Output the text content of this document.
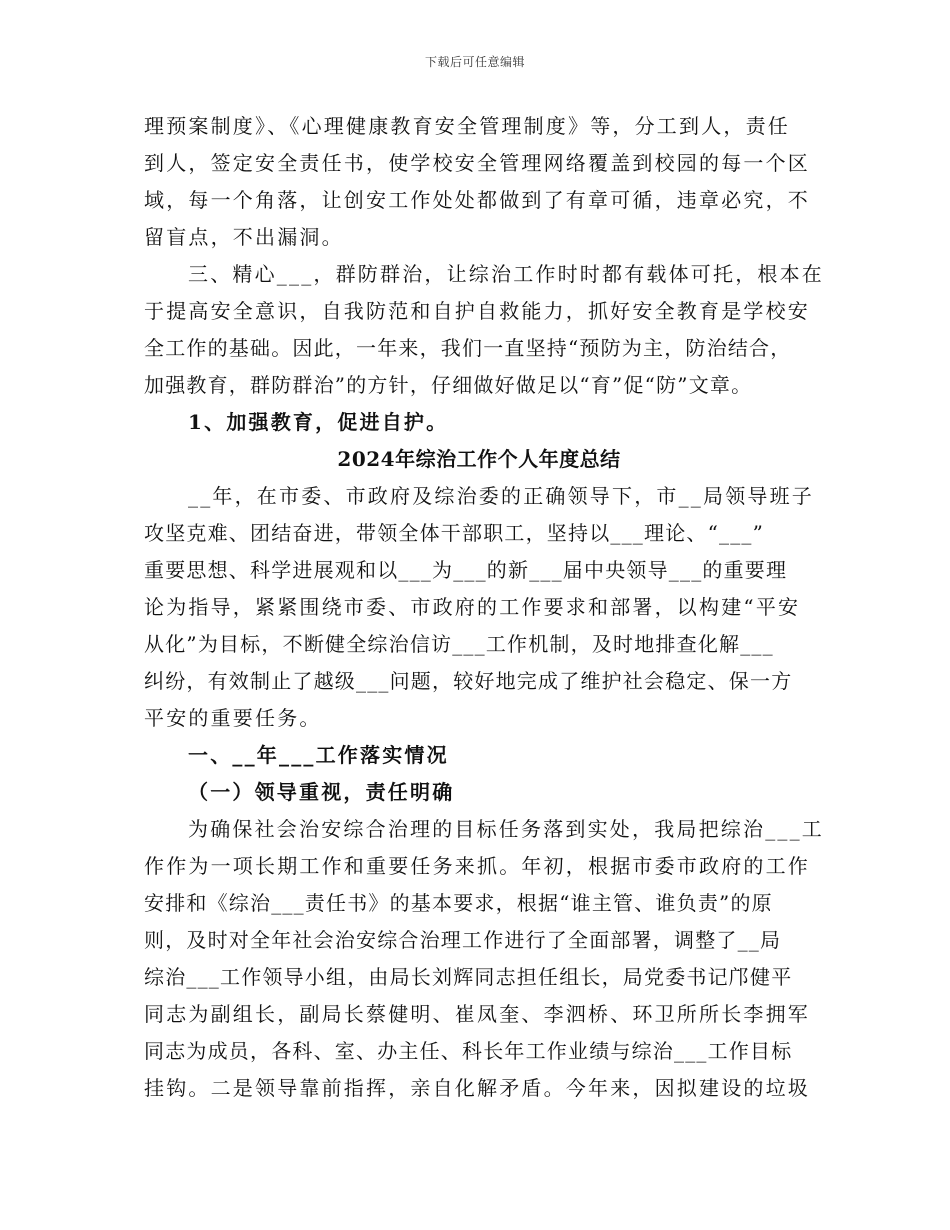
下载后可任意编辑
理预案制度》、《心理健康教育安全管理制度》等，分工到人，责任
到人，签定安全责任书，使学校安全管理网络覆盖到校园的每一个区
域，每一个角落，让创安工作处处都做到了有章可循，违章必究，不
留盲点，不出漏洞。
三、精心___，群防群治，让综治工作时时都有载体可托，根本在
于提高安全意识，自我防范和自护自救能力，抓好安全教育是学校安
全工作的基础。因此，一年来，我们一直坚持“预防为主，防治结合，
加强教育，群防群治”的方针，仔细做好做足以“育”促“防”文章。
1、加强教育，促进自护。
2024年综治工作个人年度总结
__年，在市委、市政府及综治委的正确领导下，市__局领导班子
攻坚克难、团结奋进，带领全体干部职工，坚持以___理论、“___”
重要思想、科学进展观和以___为___的新___届中央领导___的重要理
论为指导，紧紧围绕市委、市政府的工作要求和部署，以构建“平安
从化”为目标，不断健全综治信访___工作机制，及时地排查化解___
纠纷，有效制止了越级___问题，较好地完成了维护社会稳定、保一方
平安的重要任务。
一、__年___工作落实情况
（一）领导重视，责任明确
为确保社会治安综合治理的目标任务落到实处，我局把综治___工
作作为一项长期工作和重要任务来抓。年初，根据市委市政府的工作
安排和《综治___责任书》的基本要求，根据“谁主管、谁负责”的原
则，及时对全年社会治安综合治理工作进行了全面部署，调整了__局
综治___工作领导小组，由局长刘辉同志担任组长，局党委书记邝健平
同志为副组长，副局长蔡健明、崔凤奎、李泗桥、环卫所所长李拥军
同志为成员，各科、室、办主任、科长年工作业绩与综治___工作目标
挂钩。二是领导靠前指挥，亲自化解矛盾。今年来，因拟建设的垃圾
